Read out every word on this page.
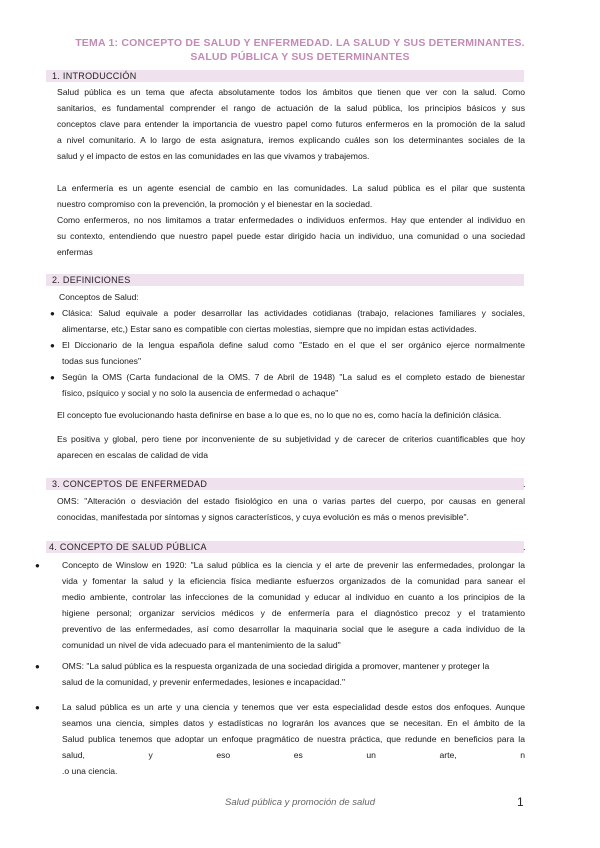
TEMA 1: CONCEPTO DE SALUD Y ENFERMEDAD. LA SALUD Y SUS DETERMINANTES.
SALUD PÚBLICA Y SUS DETERMINANTES
1. INTRODUCCIÓN
Salud pública es un tema que afecta absolutamente todos los ámbitos que tienen que ver con la salud. Como
sanitarios, es fundamental comprender el rango de actuación de la salud pública, los principios básicos y sus
conceptos clave para entender la importancia de vuestro papel como futuros enfermeros en la promoción de la salud
a nivel comunitario. A lo largo de esta asignatura, iremos explicando cuáles son los determinantes sociales de la
salud y el impacto de estos en las comunidades en las que vivamos y trabajemos.
La enfermería es un agente esencial de cambio en las comunidades. La salud pública es el pilar que sustenta
nuestro compromiso con la prevención, la promoción y el bienestar en la sociedad.
Como enfermeros, no nos limitamos a tratar enfermedades o individuos enfermos. Hay que entender al individuo en
su contexto, entendiendo que nuestro papel puede estar dirigido hacia un individuo, una comunidad o una sociedad
enfermas
2. DEFINICIONES
Conceptos de Salud:
● Clásica: Salud equivale a poder desarrollar las actividades cotidianas (trabajo, relaciones familiares y sociales,
alimentarse, etc,) Estar sano es compatible con ciertas molestias, siempre que no impidan estas actividades.
● El Diccionario de la lengua española define salud como "Estado en el que el ser orgánico ejerce normalmente
todas sus funciones"
● Según la OMS (Carta fundacional de la OMS. 7 de Abril de 1948) "La salud es el completo estado de bienestar
físico, psíquico y social y no solo la ausencia de enfermedad o achaque"
El concepto fue evolucionando hasta definirse en base a lo que es, no lo que no es, como hacía la definición clásica.
Es positiva y global, pero tiene por inconveniente de su subjetividad y de carecer de criterios cuantificables que hoy
aparecen en escalas de calidad de vida
3. CONCEPTOS DE ENFERMEDAD	.
OMS: "Alteración o desviación del estado fisiológico en una o varias partes del cuerpo, por causas en general
conocidas, manifestada por síntomas y signos característicos, y cuya evolución es más o menos previsible".
4. CONCEPTO DE SALUD PÚBLICA	.
●	Concepto de Winslow en 1920: "La salud pública es la ciencia y el arte de prevenir las enfermedades, prolongar la
vida y fomentar la salud y la eficiencia física mediante esfuerzos organizados de la comunidad para sanear el
medio ambiente, controlar las infecciones de la comunidad y educar al individuo en cuanto a los principios de la
higiene personal; organizar servicios médicos y de enfermería para el diagnóstico precoz y el tratamiento
preventivo de las enfermedades, así como desarrollar la maquinaria social que le asegure a cada individuo de la
comunidad un nivel de vida adecuado para el mantenimiento de la salud"
●	OMS: "La salud pública es la respuesta organizada de una sociedad dirigida a promover, mantener y proteger la
salud de la comunidad, y prevenir enfermedades, lesiones e incapacidad."
●	La salud pública es un arte y una ciencia y tenemos que ver esta especialidad desde estos dos enfoques. Aunque
seamos una ciencia, simples datos y estadísticas no lograrán los avances que se necesitan. En el ámbito de la
Salud publica tenemos que adoptar un enfoque pragmático de nuestra práctica, que redunde en beneficios para la
salud,	y	eso	es	un	arte,	n
.o una ciencia.
Salud pública y promoción de salud	1
